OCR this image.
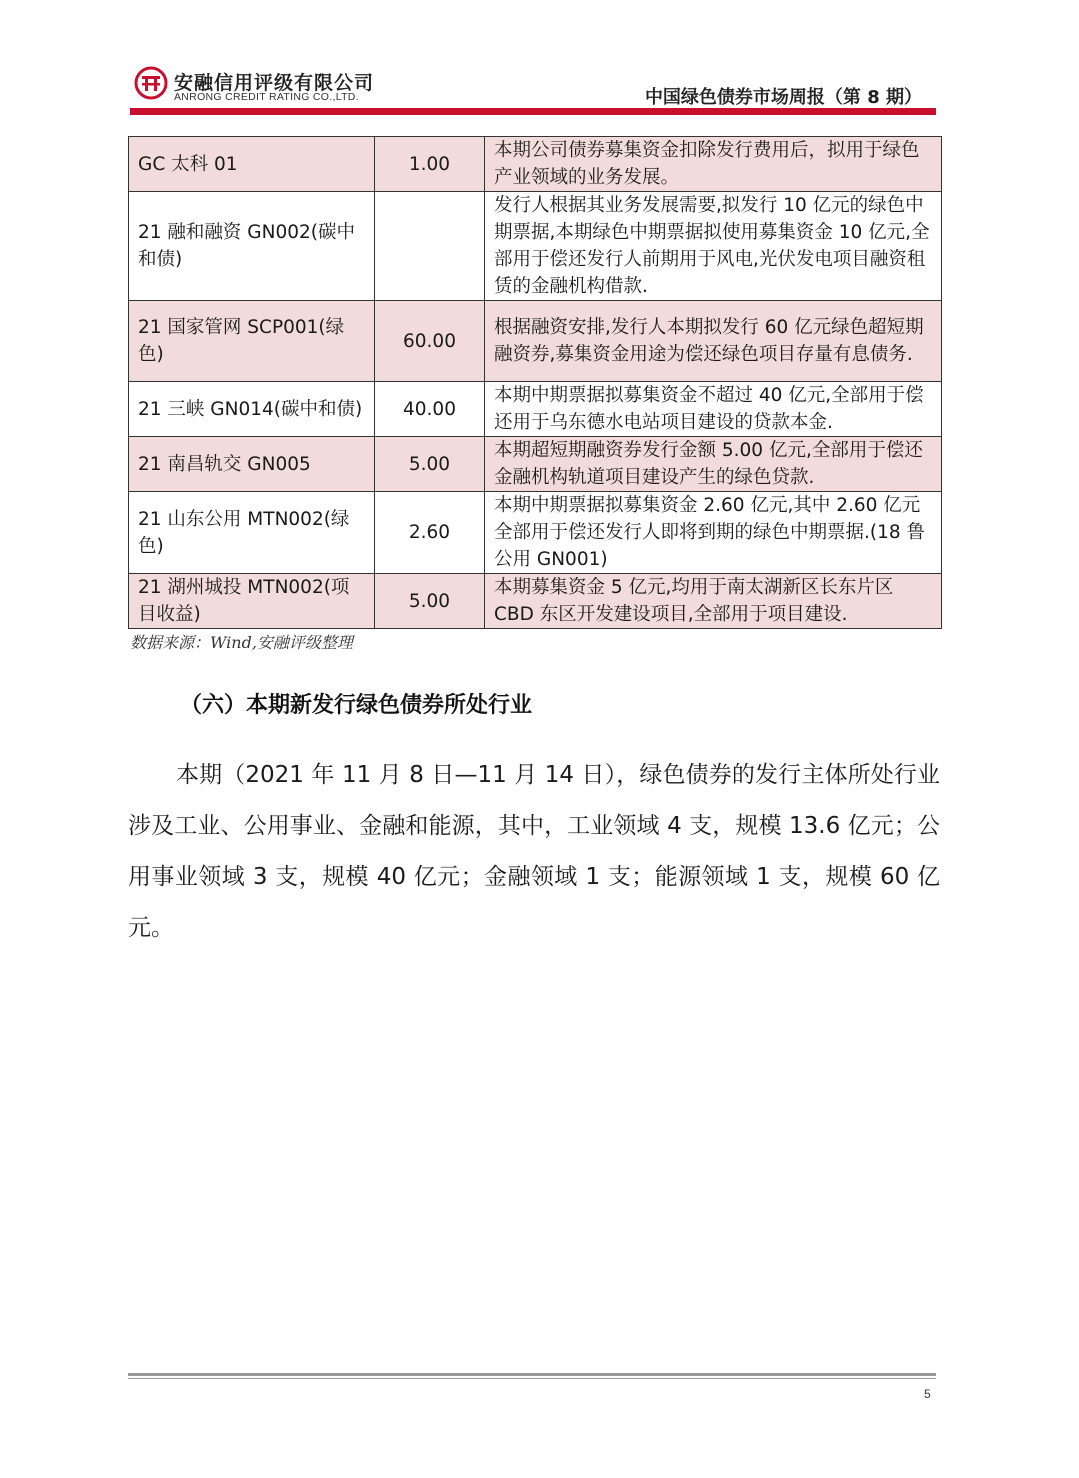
安融信用评级有限公司
ANRONG CREDIT RATING CO.,LTD.	中国绿色债券市场周报（第 8 期）
GC 太科 01	1.00	本期公司债券募集资金扣除发行费用后，拟用于绿色产业领域的业务发展。
21 融和融资 GN002(碳中和债)		发行人根据其业务发展需要,拟发行 10 亿元的绿色中期票据,本期绿色中期票据拟使用募集资金 10 亿元,全部用于偿还发行人前期用于风电,光伏发电项目融资租赁的金融机构借款.
21 国家管网 SCP001(绿色)	60.00	根据融资安排,发行人本期拟发行 60 亿元绿色超短期融资券,募集资金用途为偿还绿色项目存量有息债务.
21 三峡 GN014(碳中和债)	40.00	本期中期票据拟募集资金不超过 40 亿元,全部用于偿还用于乌东德水电站项目建设的贷款本金.
21 南昌轨交 GN005	5.00	本期超短期融资券发行金额 5.00 亿元,全部用于偿还金融机构轨道项目建设产生的绿色贷款.
21 山东公用 MTN002(绿色)	2.60	本期中期票据拟募集资金 2.60 亿元,其中 2.60 亿元全部用于偿还发行人即将到期的绿色中期票据.(18 鲁公用 GN001)
21 湖州城投 MTN002(项目收益)	5.00	本期募集资金 5 亿元,均用于南太湖新区长东片区 CBD 东区开发建设项目,全部用于项目建设.
数据来源：Wind,安融评级整理
（六）本期新发行绿色债券所处行业

本期（2021 年 11 月 8 日—11 月 14 日），绿色债券的发行主体所处行业涉及工业、公用事业、金融和能源，其中，工业领域 4 支，规模 13.6 亿元；公用事业领域 3 支，规模 40 亿元；金融领域 1 支；能源领域 1 支，规模 60 亿元。

5
